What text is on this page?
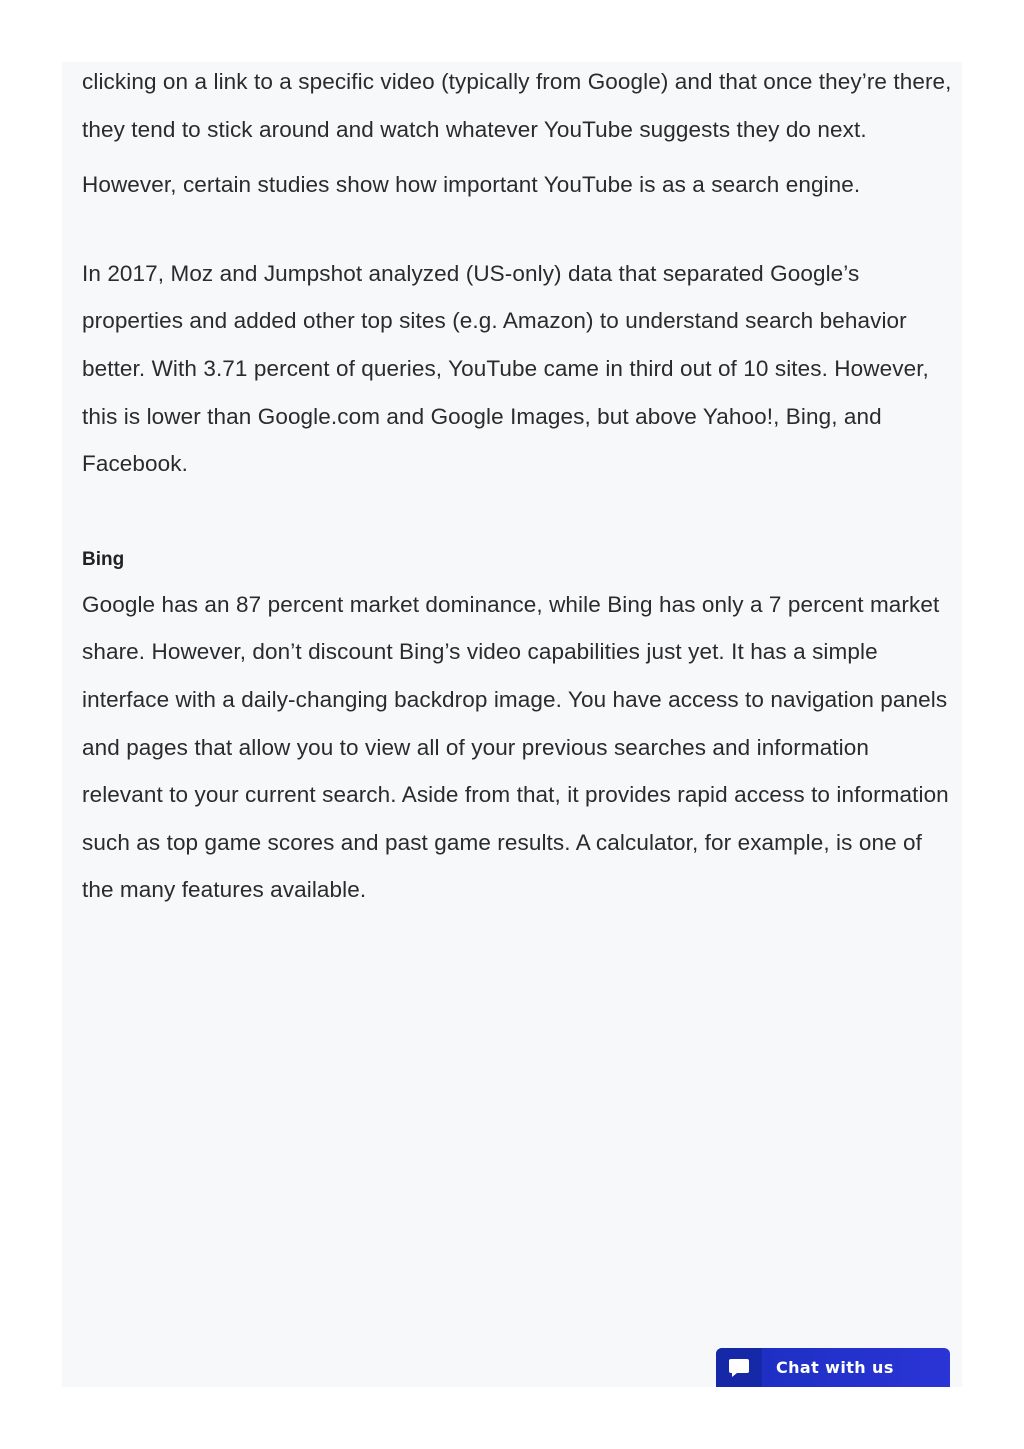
clicking on a link to a specific video (typically from Google) and that once they’re there, they tend to stick around and watch whatever YouTube suggests they do next.

However, certain studies show how important YouTube is as a search engine.

In 2017, Moz and Jumpshot analyzed (US-only) data that separated Google’s properties and added other top sites (e.g. Amazon) to understand search behavior better. With 3.71 percent of queries, YouTube came in third out of 10 sites. However, this is lower than Google.com and Google Images, but above Yahoo!, Bing, and Facebook.

Bing

Google has an 87 percent market dominance, while Bing has only a 7 percent market share. However, don’t discount Bing’s video capabilities just yet. It has a simple interface with a daily-changing backdrop image. You have access to navigation panels and pages that allow you to view all of your previous searches and information relevant to your current search. Aside from that, it provides rapid access to information such as top game scores and past game results. A calculator, for example, is one of the many features available.

Chat with us
